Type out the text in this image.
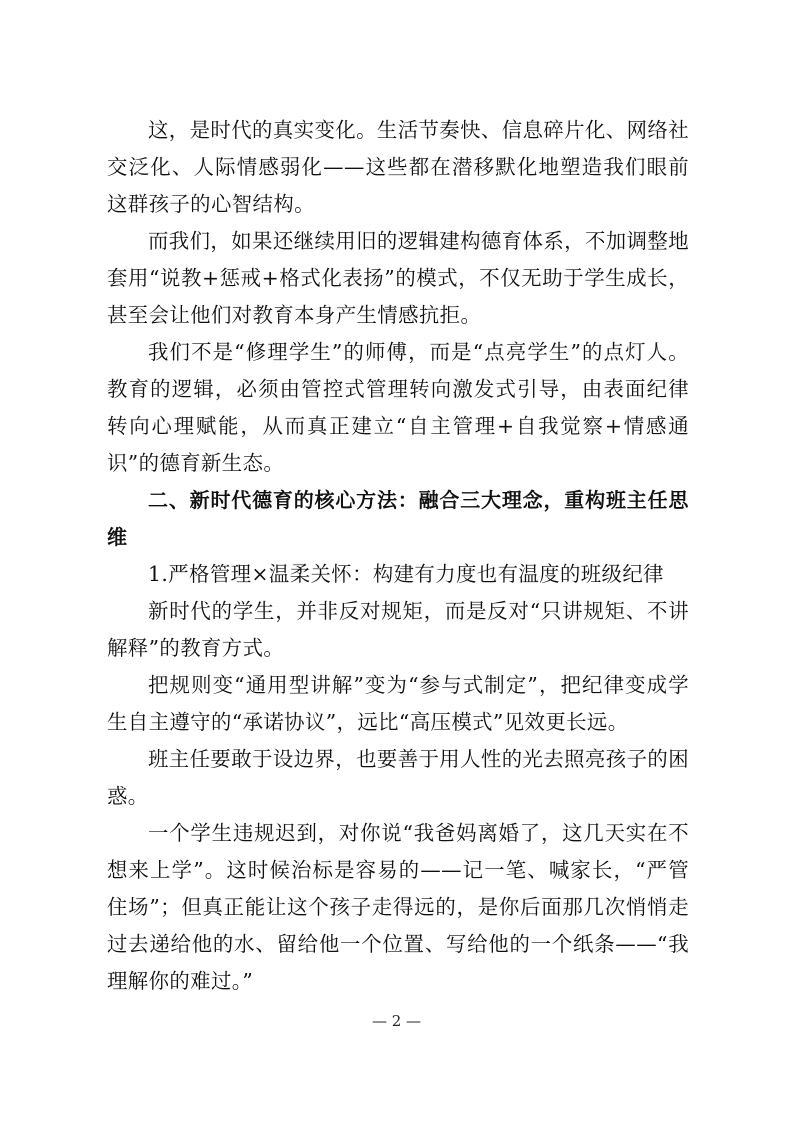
这，是时代的真实变化。生活节奏快、信息碎片化、网络社交泛化、人际情感弱化——这些都在潜移默化地塑造我们眼前这群孩子的心智结构。

而我们，如果还继续用旧的逻辑建构德育体系，不加调整地套用“说教+惩戒+格式化表扬”的模式，不仅无助于学生成长，甚至会让他们对教育本身产生情感抗拒。

我们不是“修理学生”的师傅，而是“点亮学生”的点灯人。教育的逻辑，必须由管控式管理转向激发式引导，由表面纪律转向心理赋能，从而真正建立“自主管理+自我觉察+情感通识”的德育新生态。

二、新时代德育的核心方法：融合三大理念，重构班主任思维

1.严格管理×温柔关怀：构建有力度也有温度的班级纪律

新时代的学生，并非反对规矩，而是反对“只讲规矩、不讲解释”的教育方式。

把规则变“通用型讲解”变为“参与式制定”，把纪律变成学生自主遵守的“承诺协议”，远比“高压模式”见效更长远。

班主任要敢于设边界，也要善于用人性的光去照亮孩子的困惑。

一个学生违规迟到，对你说“我爸妈离婚了，这几天实在不想来上学”。这时候治标是容易的——记一笔、喊家长，“严管住场”；但真正能让这个孩子走得远的，是你后面那几次悄悄走过去递给他的水、留给他一个位置、写给他的一个纸条——“我理解你的难过。”

— 2 —
